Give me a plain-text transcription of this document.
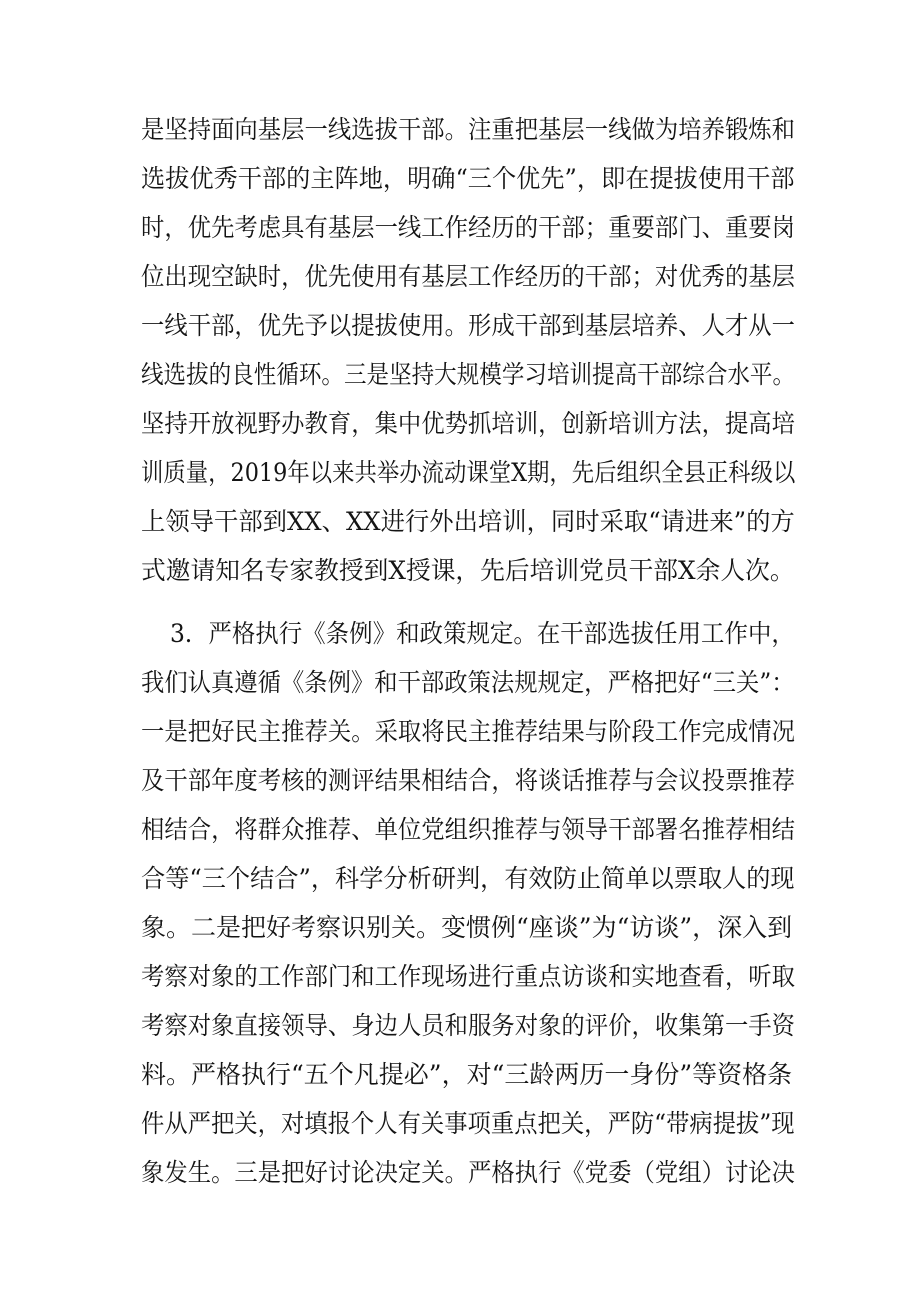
是坚持面向基层一线选拔干部。注重把基层一线做为培养锻炼和

选拔优秀干部的主阵地，明确“三个优先”，即在提拔使用干部

时，优先考虑具有基层一线工作经历的干部；重要部门、重要岗

位出现空缺时，优先使用有基层工作经历的干部；对优秀的基层

一线干部，优先予以提拔使用。形成干部到基层培养、人才从一

线选拔的良性循环。三是坚持大规模学习培训提高干部综合水平。

坚持开放视野办教育，集中优势抓培训，创新培训方法，提高培

训质量，2019年以来共举办流动课堂X期，先后组织全县正科级以

上领导干部到XX、XX进行外出培训，同时采取“请进来”的方

式邀请知名专家教授到X授课，先后培训党员干部X余人次。

3．严格执行《条例》和政策规定。在干部选拔任用工作中，

我们认真遵循《条例》和干部政策法规规定，严格把好“三关”：

一是把好民主推荐关。采取将民主推荐结果与阶段工作完成情况

及干部年度考核的测评结果相结合，将谈话推荐与会议投票推荐

相结合，将群众推荐、单位党组织推荐与领导干部署名推荐相结

合等“三个结合”，科学分析研判，有效防止简单以票取人的现

象。二是把好考察识别关。变惯例“座谈”为“访谈”，深入到

考察对象的工作部门和工作现场进行重点访谈和实地查看，听取

考察对象直接领导、身边人员和服务对象的评价，收集第一手资

料。严格执行“五个凡提必”，对“三龄两历一身份”等资格条

件从严把关，对填报个人有关事项重点把关，严防“带病提拔”现

象发生。三是把好讨论决定关。严格执行《党委（党组）讨论决
